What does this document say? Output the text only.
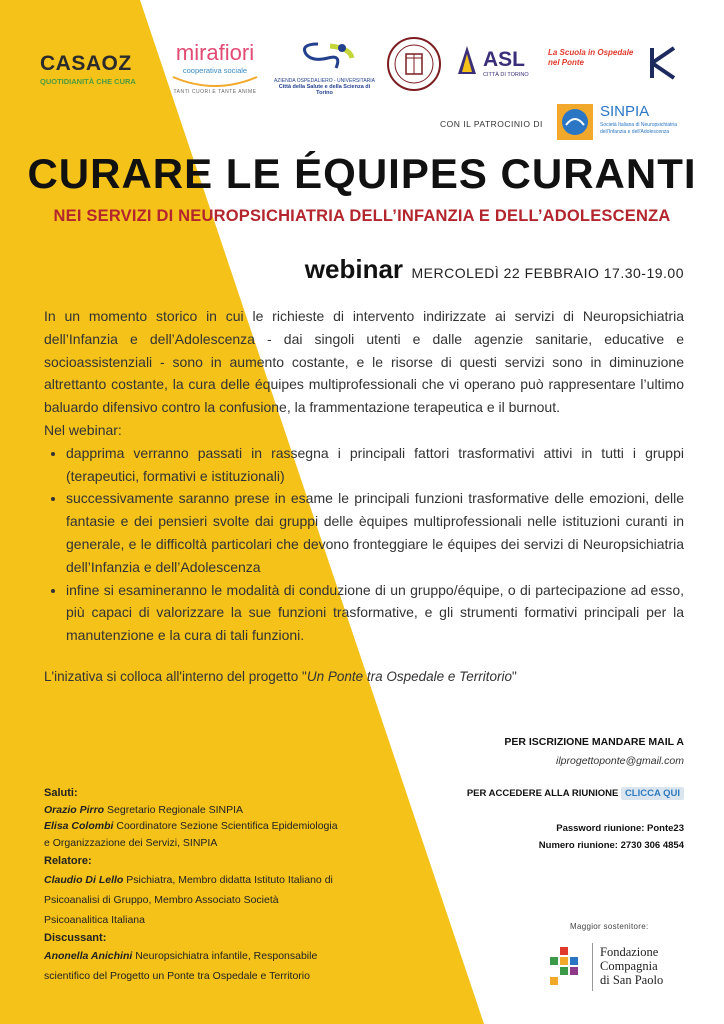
CASAOZ
QUOTIDIANITÀ CHE CURA
mirafiori
cooperativa sociale
TANTI CUORI E TANTE ANIME
AZIENDA OSPEDALIERO - UNIVERSITARIA
Città della Salute e della Scienza di Torino
ASL
CITTÀ DI TORINO
La Scuola in Ospedale nel Ponte
CON IL PATROCINIO DI
SINPIA
Società Italiana di Neuropsichiatria
dell'Infanzia e dell'Adolescenza
CURARE LE ÉQUIPES CURANTI
NEI SERVIZI DI NEUROPSICHIATRIA DELL’INFANZIA E DELL’ADOLESCENZA
webinar MERCOLEDÌ 22 FEBBRAIO 17.30-19.00

In un momento storico in cui le richieste di intervento indirizzate ai servizi di Neuropsichiatria dell’Infanzia e dell’Adolescenza - dai singoli utenti e dalle agenzie sanitarie, educative e socioassistenziali - sono in aumento costante, e le risorse di questi servizi sono in diminuzione altrettanto costante, la cura delle équipes multiprofessionali che vi operano può rappresentare l’ultimo baluardo difensivo contro la confusione, la frammentazione terapeutica e il burnout.

Nel webinar:

• dapprima verranno passati in rassegna i principali fattori trasformativi attivi in tutti i gruppi (terapeutici, formativi e istituzionali)
• successivamente saranno prese in esame le principali funzioni trasformative delle emozioni, delle fantasie e dei pensieri svolte dai gruppi delle èquipes multiprofessionali nelle istituzioni curanti in generale, e le difficoltà particolari che devono fronteggiare le équipes dei servizi di Neuropsichiatria dell’Infanzia e dell’Adolescenza
• infine si esamineranno le modalità di conduzione di un gruppo/équipe, o di partecipazione ad esso, più capaci di valorizzare la sue funzioni trasformative, e gli strumenti formativi principali per la manutenzione e la cura di tali funzioni.
L'inizativa si colloca all'interno del progetto "Un Ponte tra Ospedale e Territorio"
PER ISCRIZIONE MANDARE MAIL A
ilprogettoponte@gmail.com
PER ACCEDERE ALLA RIUNIONE CLICCA QUI
Password riunione: Ponte23
Numero riunione: 2730 306 4854
Saluti:
Orazio Pirro Segretario Regionale SINPIA
Elisa Colombi Coordinatore Sezione Scientifica Epidemiologia e Organizzazione dei Servizi, SINPIA
Relatore:
Claudio Di Lello Psichiatra, Membro didatta Istituto Italiano di Psicoanalisi di Gruppo, Membro Associato Società Psicoanalitica Italiana
Discussant:
Anonella Anichini Neuropsichiatra infantile, Responsabile scientifico del Progetto un Ponte tra Ospedale e Territorio
Maggior sostenitore:
Fondazione
Compagnia
di San Paolo
